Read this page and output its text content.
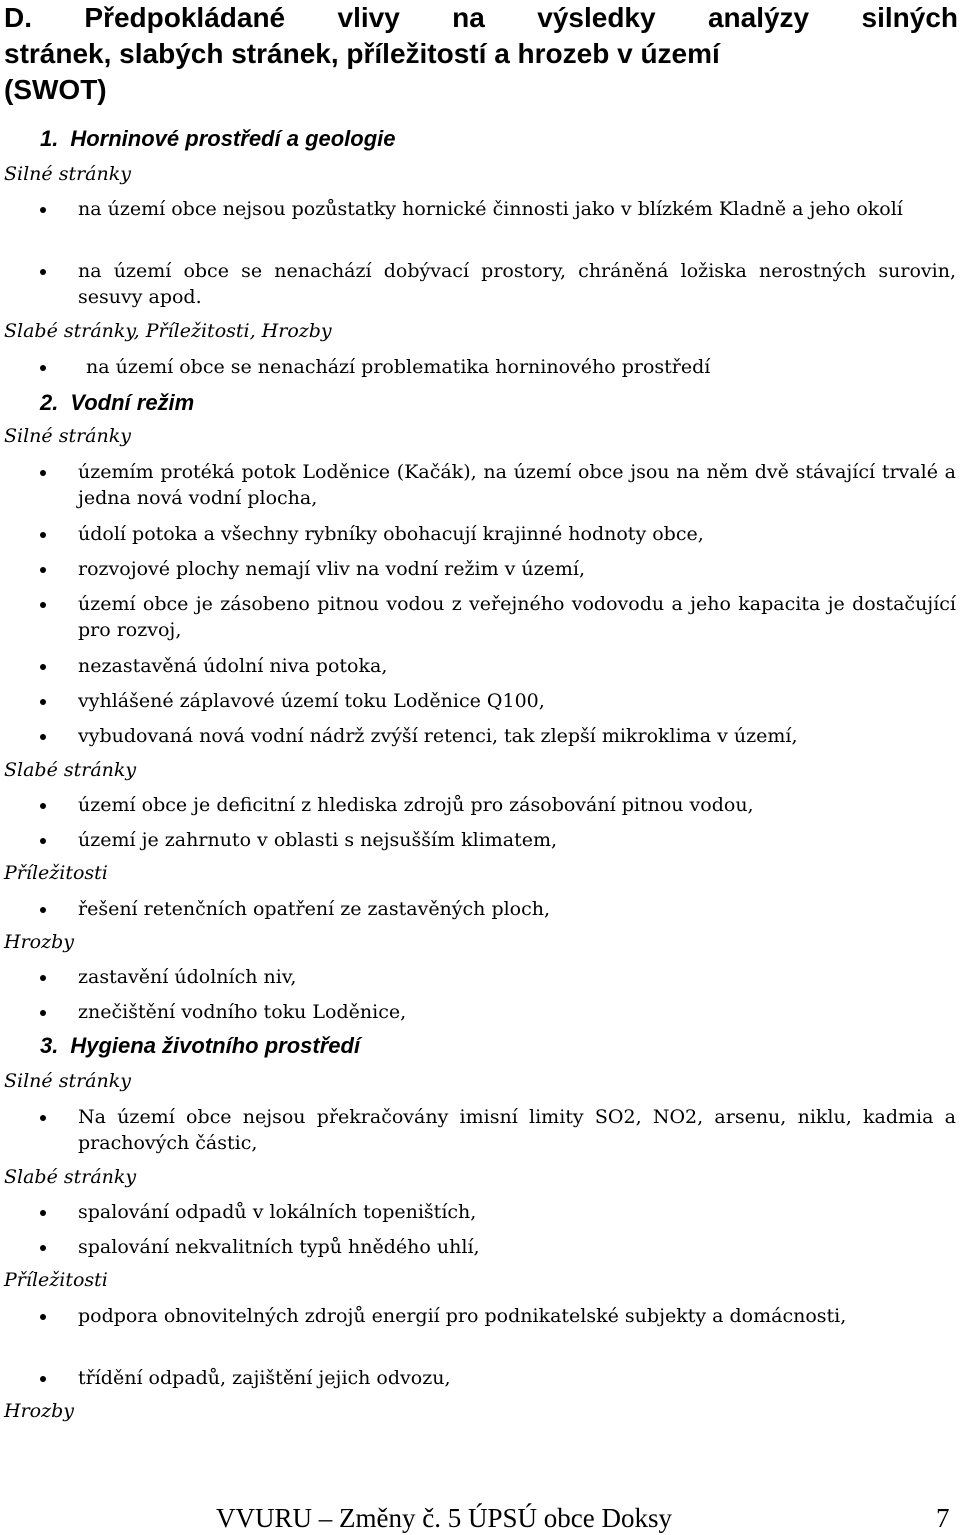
D. Předpokládané vlivy na výsledky analýzy silných

stránek, slabých stránek, příležitostí a hrozeb v území

(SWOT)

1. Horninové prostředí a geologie

Silné stránky

na území obce nejsou pozůstatky hornické činnosti jako v blízkém Kladně a jeho okolí
na území obce se nenachází dobývací prostory, chráněná ložiska nerostných surovin, sesuvy apod.

Slabé stránky, Příležitosti, Hrozby

na území obce se nenachází problematika horninového prostředí

2. Vodní režim

Silné stránky

územím protéká potok Loděnice (Kačák), na území obce jsou na něm dvě stávající trvalé a jedna nová vodní plocha,
údolí potoka a všechny rybníky obohacují krajinné hodnoty obce,
rozvojové plochy nemají vliv na vodní režim v území,
území obce je zásobeno pitnou vodou z veřejného vodovodu a jeho kapacita je dostačující pro rozvoj,
nezastavěná údolní niva potoka,
vyhlášené záplavové území toku Loděnice Q100,
vybudovaná nová vodní nádrž zvýší retenci, tak zlepší mikroklima v území,

Slabé stránky

území obce je deficitní z hlediska zdrojů pro zásobování pitnou vodou,
území je zahrnuto v oblasti s nejsušším klimatem,

Příležitosti

řešení retenčních opatření ze zastavěných ploch,

Hrozby

zastavění údolních niv,
znečištění vodního toku Loděnice,

3. Hygiena životního prostředí

Silné stránky

Na území obce nejsou překračovány imisní limity SO2, NO2, arsenu, niklu, kadmia a prachových částic,

Slabé stránky

spalování odpadů v lokálních topeništích,
spalování nekvalitních typů hnědého uhlí,

Příležitosti

podpora obnovitelných zdrojů energií pro podnikatelské subjekty a domácnosti,
třídění odpadů, zajištění jejich odvozu,

Hrozby

VVURU – Změny č. 5 ÚPSÚ obce Doksy	7
